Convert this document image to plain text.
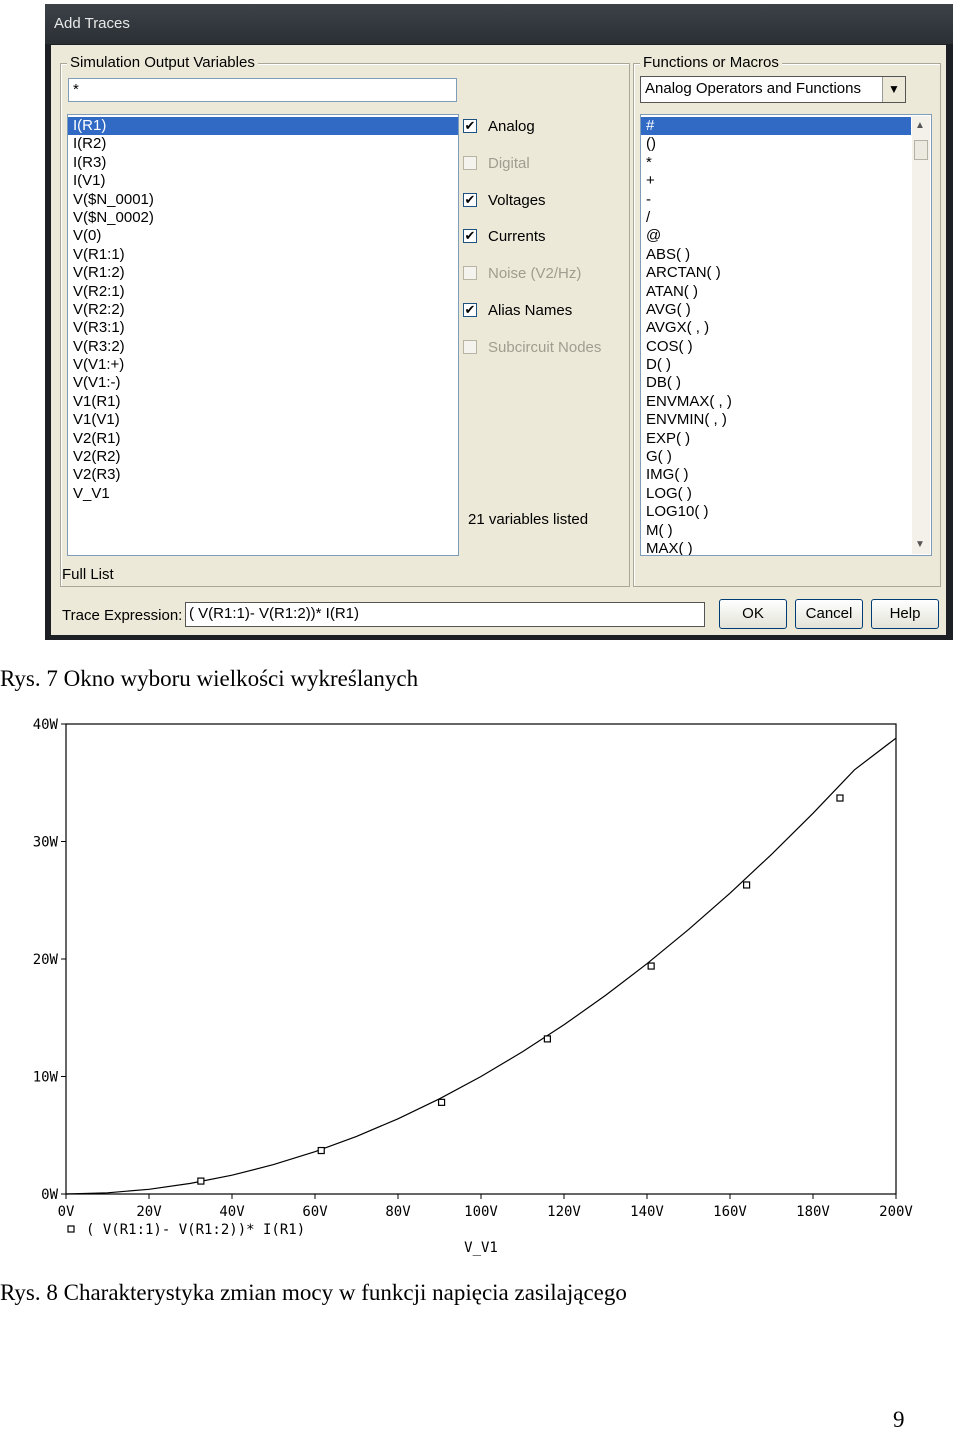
Add Traces
Simulation Output Variables
*
I(R1)
I(R2)
I(R3)
I(V1)
V($N_0001)
V($N_0002)
V(0)
V(R1:1)
V(R1:2)
V(R2:1)
V(R2:2)
V(R3:1)
V(R3:2)
V(V1:+)
V(V1:-)
V1(R1)
V1(V1)
V2(R1)
V2(R2)
V2(R3)
V_V1
✔ Analog
Digital
✔ Voltages
✔ Currents
Noise (V2/Hz)
✔ Alias Names
Subcircuit Nodes
21 variables listed
Full List
Functions or Macros
Analog Operators and Functions	▼
#
()
*
+
-
/
@
ABS( )
ARCTAN( )
ATAN( )
AVG( )
AVGX( , )
COS( )
D( )
DB( )
ENVMAX( , )
ENVMIN( , )
EXP( )
G( )
IMG( )
LOG( )
LOG10( )
M( )
MAX( )
▲
▼
Trace Expression: ( V(R1:1)- V(R1:2))* I(R1)	OK	Cancel	Help
Rys. 7 Okno wyboru wielkości wykreślanych
0W
10W
20W
30W
40W
0V	20V	40V	60V	80V	100V	120V	140V	160V	180V	200V
( V(R1:1)- V(R1:2))* I(R1)
V_V1
Rys. 8 Charakterystyka zmian mocy w funkcji napięcia zasilającego
9
